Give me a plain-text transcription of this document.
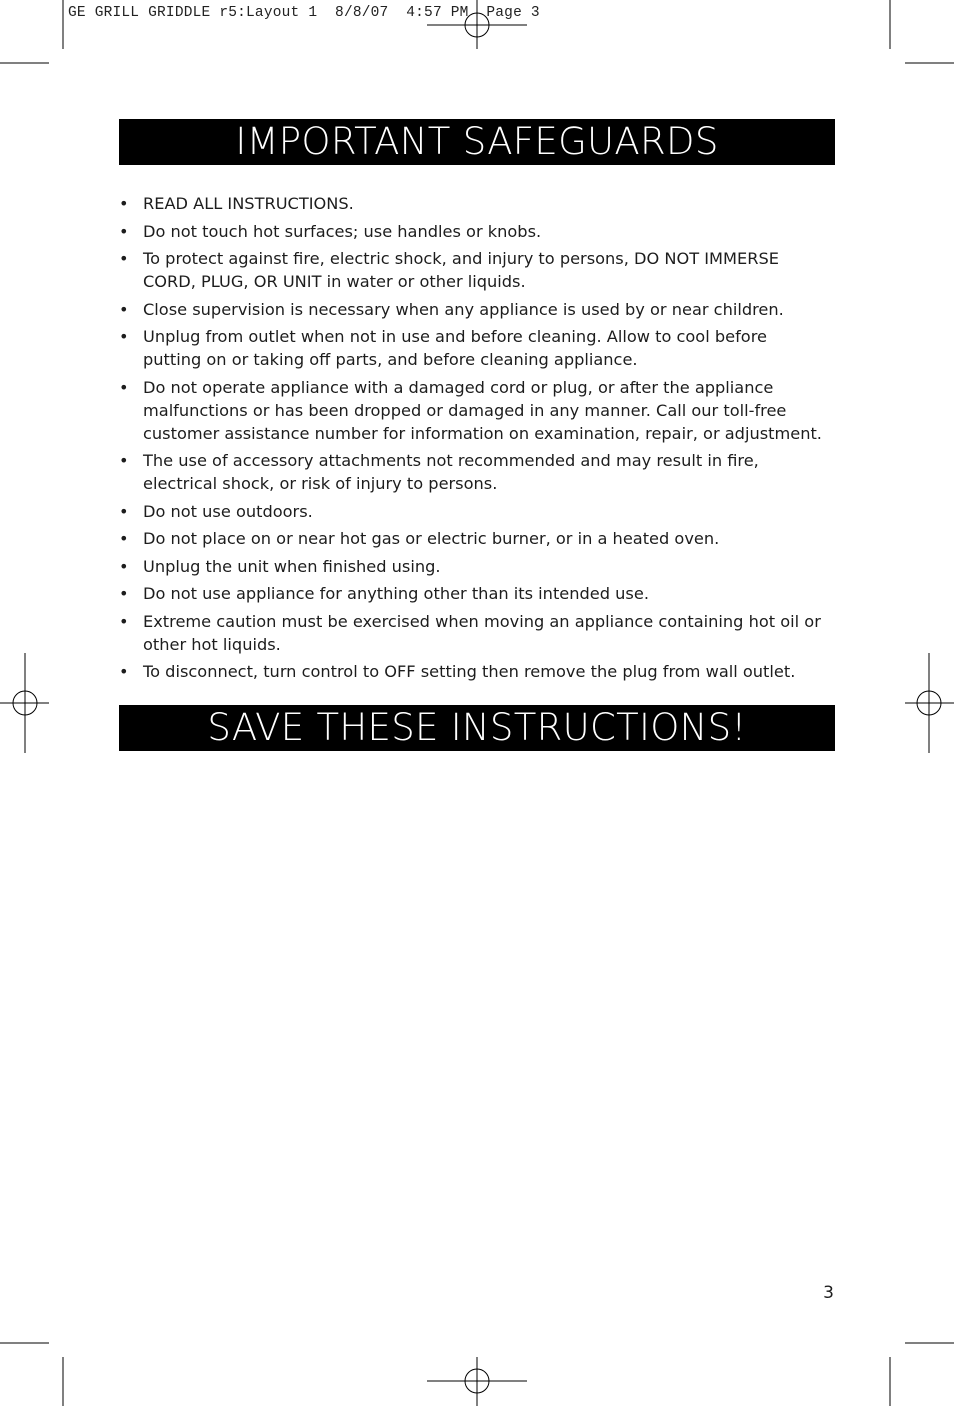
GE GRILL GRIDDLE r5:Layout 1  8/8/07  4:57 PM  Page 3
IMPORTANT SAFEGUARDS
• READ ALL INSTRUCTIONS.
• Do not touch hot surfaces; use handles or knobs.
• To protect against fire, electric shock, and injury to persons, DO NOT IMMERSE CORD, PLUG, OR UNIT in water or other liquids.
• Close supervision is necessary when any appliance is used by or near children.
• Unplug from outlet when not in use and before cleaning. Allow to cool before putting on or taking off parts, and before cleaning appliance.
• Do not operate appliance with a damaged cord or plug, or after the appliance malfunctions or has been dropped or damaged in any manner. Call our toll-free customer assistance number for information on examination, repair, or adjustment.
• The use of accessory attachments not recommended and may result in fire, electrical shock, or risk of injury to persons.
• Do not use outdoors.
• Do not place on or near hot gas or electric burner, or in a heated oven.
• Unplug the unit when finished using.
• Do not use appliance for anything other than its intended use.
• Extreme caution must be exercised when moving an appliance containing hot oil or other hot liquids.
• To disconnect, turn control to OFF setting then remove the plug from wall outlet.
SAVE THESE INSTRUCTIONS!
3
